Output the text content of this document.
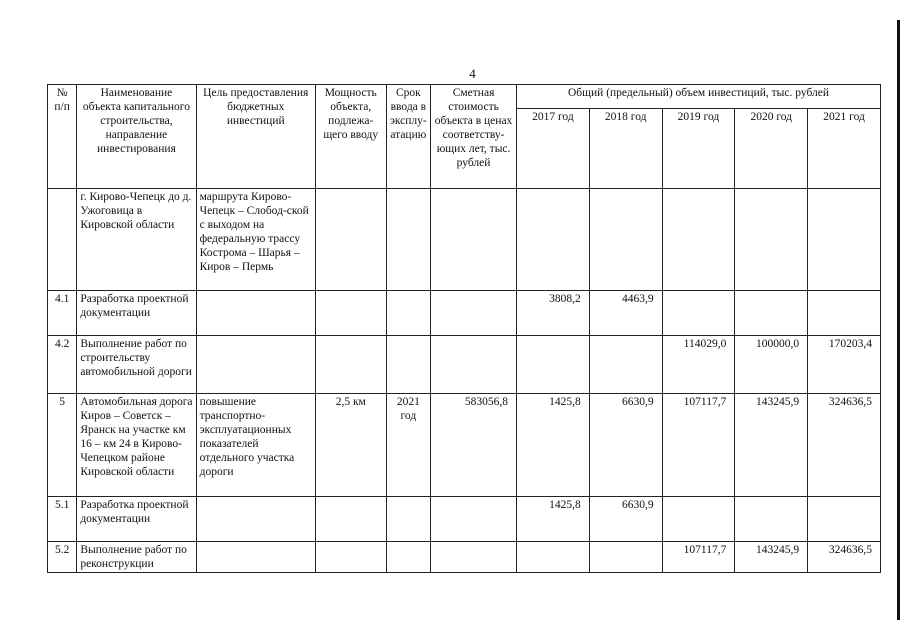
4
№ п/п	Наименование объекта капитального строительства, направление инвестирования	Цель предоставления бюджетных инвестиций	Мощность объекта, подлежа-щего вводу	Срок ввода в эксплу-атацию	Сметная стоимость объекта в ценах соответству-ющих лет, тыс. рублей	Общий (предельный) объем инвестиций, тыс. рублей				
						2017 год	2018 год	2019 год	2020 год	2021 год
	г. Кирово-Чепецк до д. Ужоговица в Кировской области	маршрута Кирово-Чепецк – Слобод-ской с выходом на федеральную трассу Кострома – Шарья – Киров – Пермь								
4.1	Разработка проектной документации					3808,2	4463,9			
4.2	Выполнение работ по строительству автомобильной дороги							114029,0	100000,0	170203,4
5	Автомобильная дорога Киров – Советск – Яранск на участке км 16 – км 24 в Кирово-Чепецком районе Кировской области	повышение транспортно-эксплуатационных показателей отдельного участка дороги	2,5 км	2021 год	583056,8	1425,8	6630,9	107117,7	143245,9	324636,5
5.1	Разработка проектной документации					1425,8	6630,9			
5.2	Выполнение работ по реконструкции							107117,7	143245,9	324636,5
